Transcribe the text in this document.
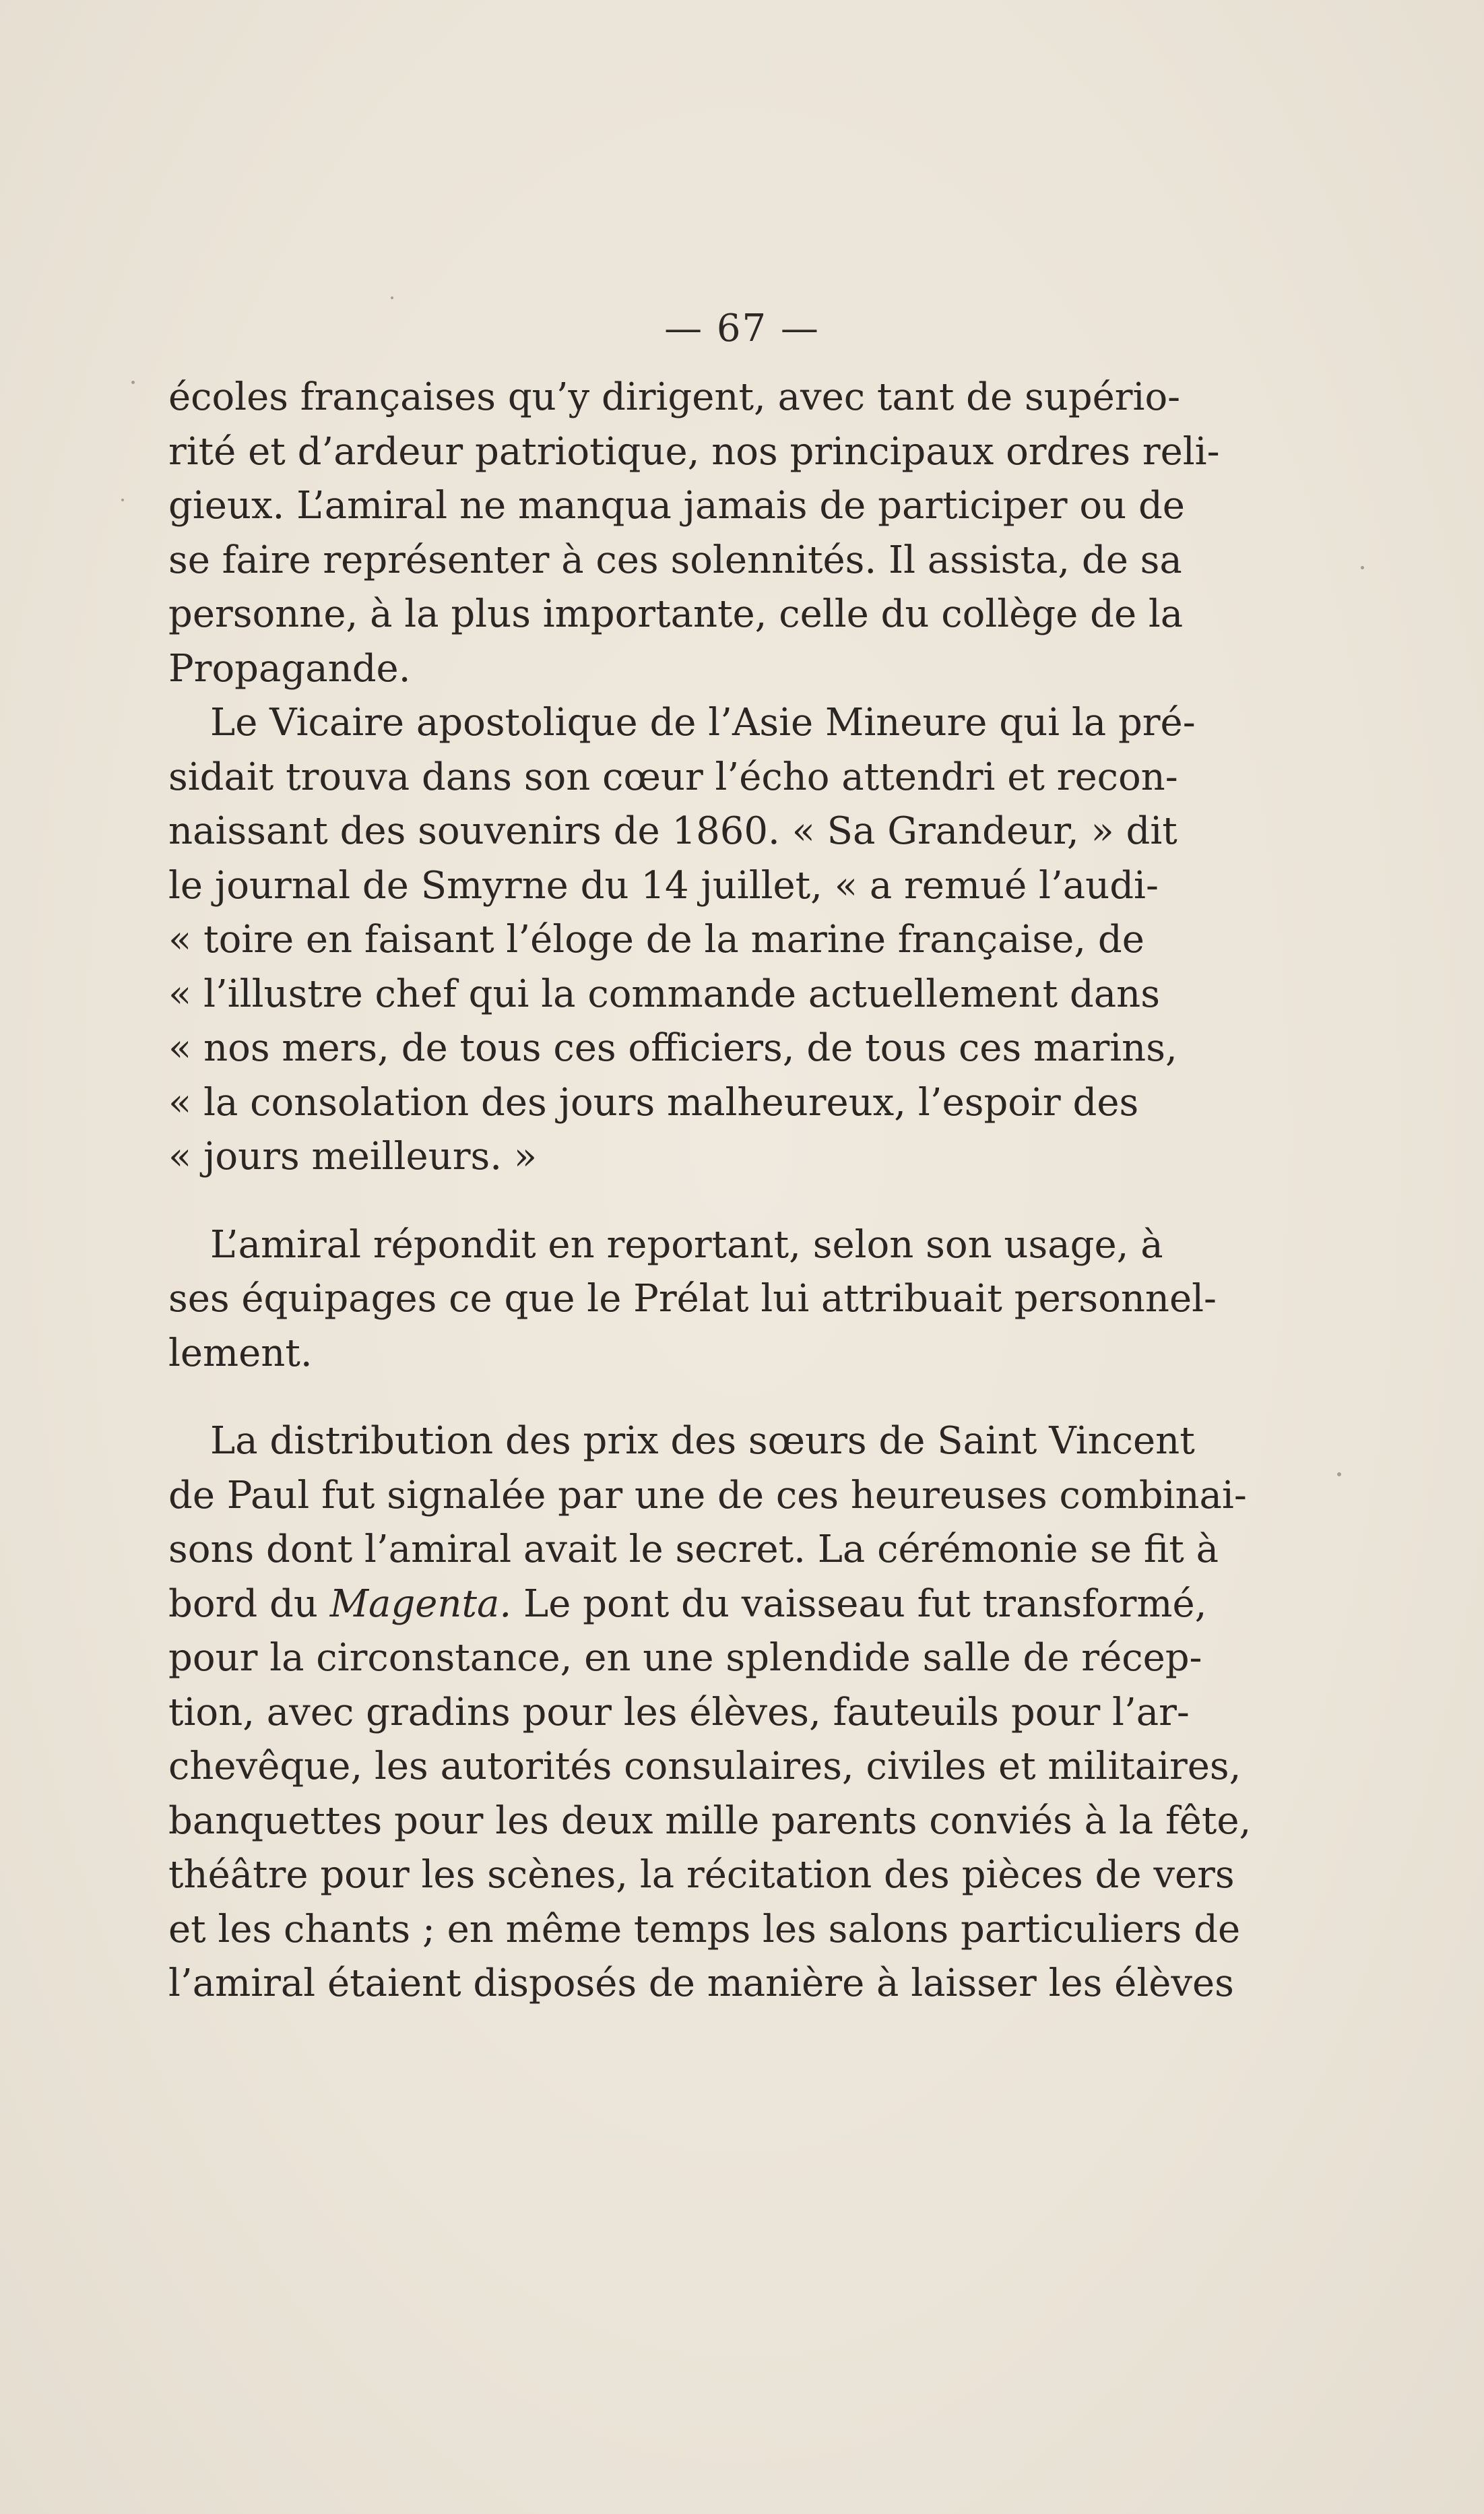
— 67 —
écoles françaises qu’y dirigent, avec tant de supério-
rité et d’ardeur patriotique, nos principaux ordres reli-
gieux. L’amiral ne manqua jamais de participer ou de
se faire représenter à ces solennités. Il assista, de sa
personne, à la plus importante, celle du collège de la
Propagande.
Le Vicaire apostolique de l’Asie Mineure qui la pré-
sidait trouva dans son cœur l’écho attendri et recon-
naissant des souvenirs de 1860. « Sa Grandeur, » dit
le journal de Smyrne du 14 juillet, « a remué l’audi-
« toire en faisant l’éloge de la marine française, de
« l’illustre chef qui la commande actuellement dans
« nos mers, de tous ces officiers, de tous ces marins,
« la consolation des jours malheureux, l’espoir des
« jours meilleurs. »
L’amiral répondit en reportant, selon son usage, à
ses équipages ce que le Prélat lui attribuait personnel-
lement.
La distribution des prix des sœurs de Saint Vincent
de Paul fut signalée par une de ces heureuses combinai-
sons dont l’amiral avait le secret. La cérémonie se fit à
bord du Magenta. Le pont du vaisseau fut transformé,
pour la circonstance, en une splendide salle de récep-
tion, avec gradins pour les élèves, fauteuils pour l’ar-
chevêque, les autorités consulaires, civiles et militaires,
banquettes pour les deux mille parents conviés à la fête,
théâtre pour les scènes, la récitation des pièces de vers
et les chants ; en même temps les salons particuliers de
l’amiral étaient disposés de manière à laisser les élèves
